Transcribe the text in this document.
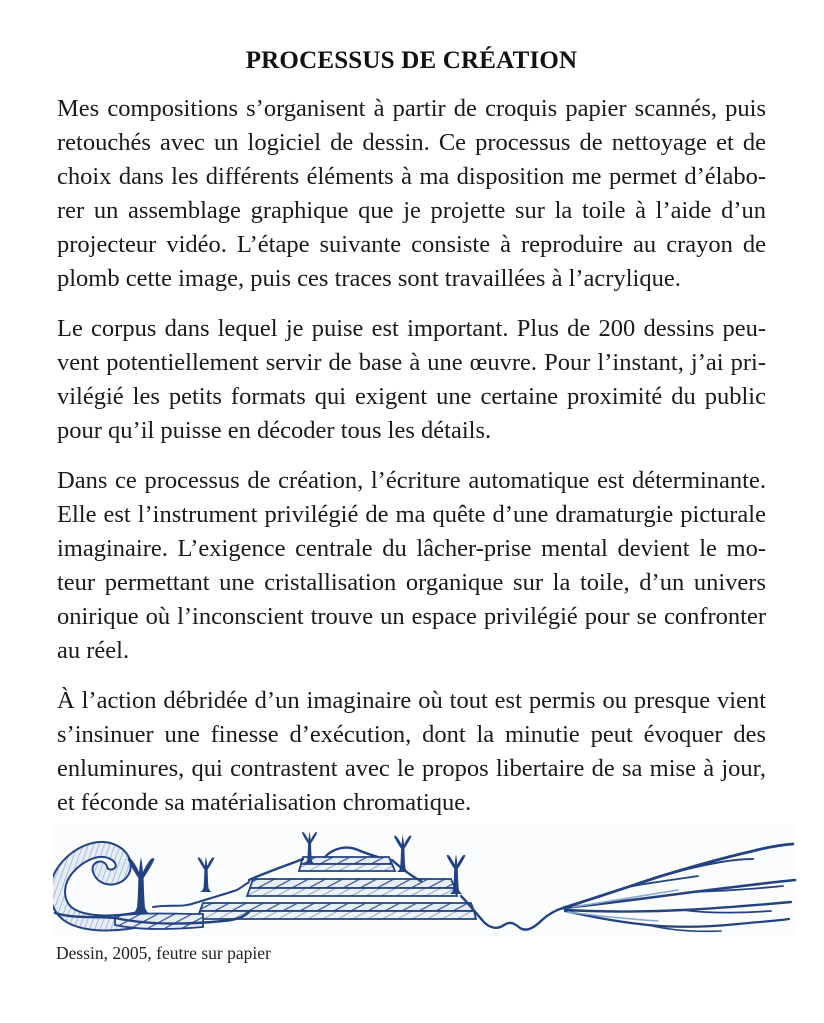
PROCESSUS DE CRÉATION

Mes compositions s’organisent à partir de croquis papier scannés, puis
retouchés avec un logiciel de dessin. Ce processus de nettoyage et de
choix dans les différents éléments à ma disposition me permet d’élabo-
rer un assemblage graphique que je projette sur la toile à l’aide d’un
projecteur vidéo. L’étape suivante consiste à reproduire au crayon de
plomb cette image, puis ces traces sont travaillées à l’acrylique.

Le corpus dans lequel je puise est important. Plus de 200 dessins peu-
vent potentiellement servir de base à une œuvre. Pour l’instant, j’ai pri-
vilégié les petits formats qui exigent une certaine proximité du public
pour qu’il puisse en décoder tous les détails.

Dans ce processus de création, l’écriture automatique est déterminante.
Elle est l’instrument privilégié de ma quête d’une dramaturgie picturale
imaginaire. L’exigence centrale du lâcher-prise mental devient le mo-
teur permettant une cristallisation organique sur la toile, d’un univers
onirique où l’inconscient trouve un espace privilégié pour se confronter
au réel.

À l’action débridée d’un imaginaire où tout est permis ou presque vient
s’insinuer une finesse d’exécution, dont la minutie peut évoquer des
enluminures, qui contrastent avec le propos libertaire de sa mise à jour,
et féconde sa matérialisation chromatique.

Dessin, 2005, feutre sur papier
